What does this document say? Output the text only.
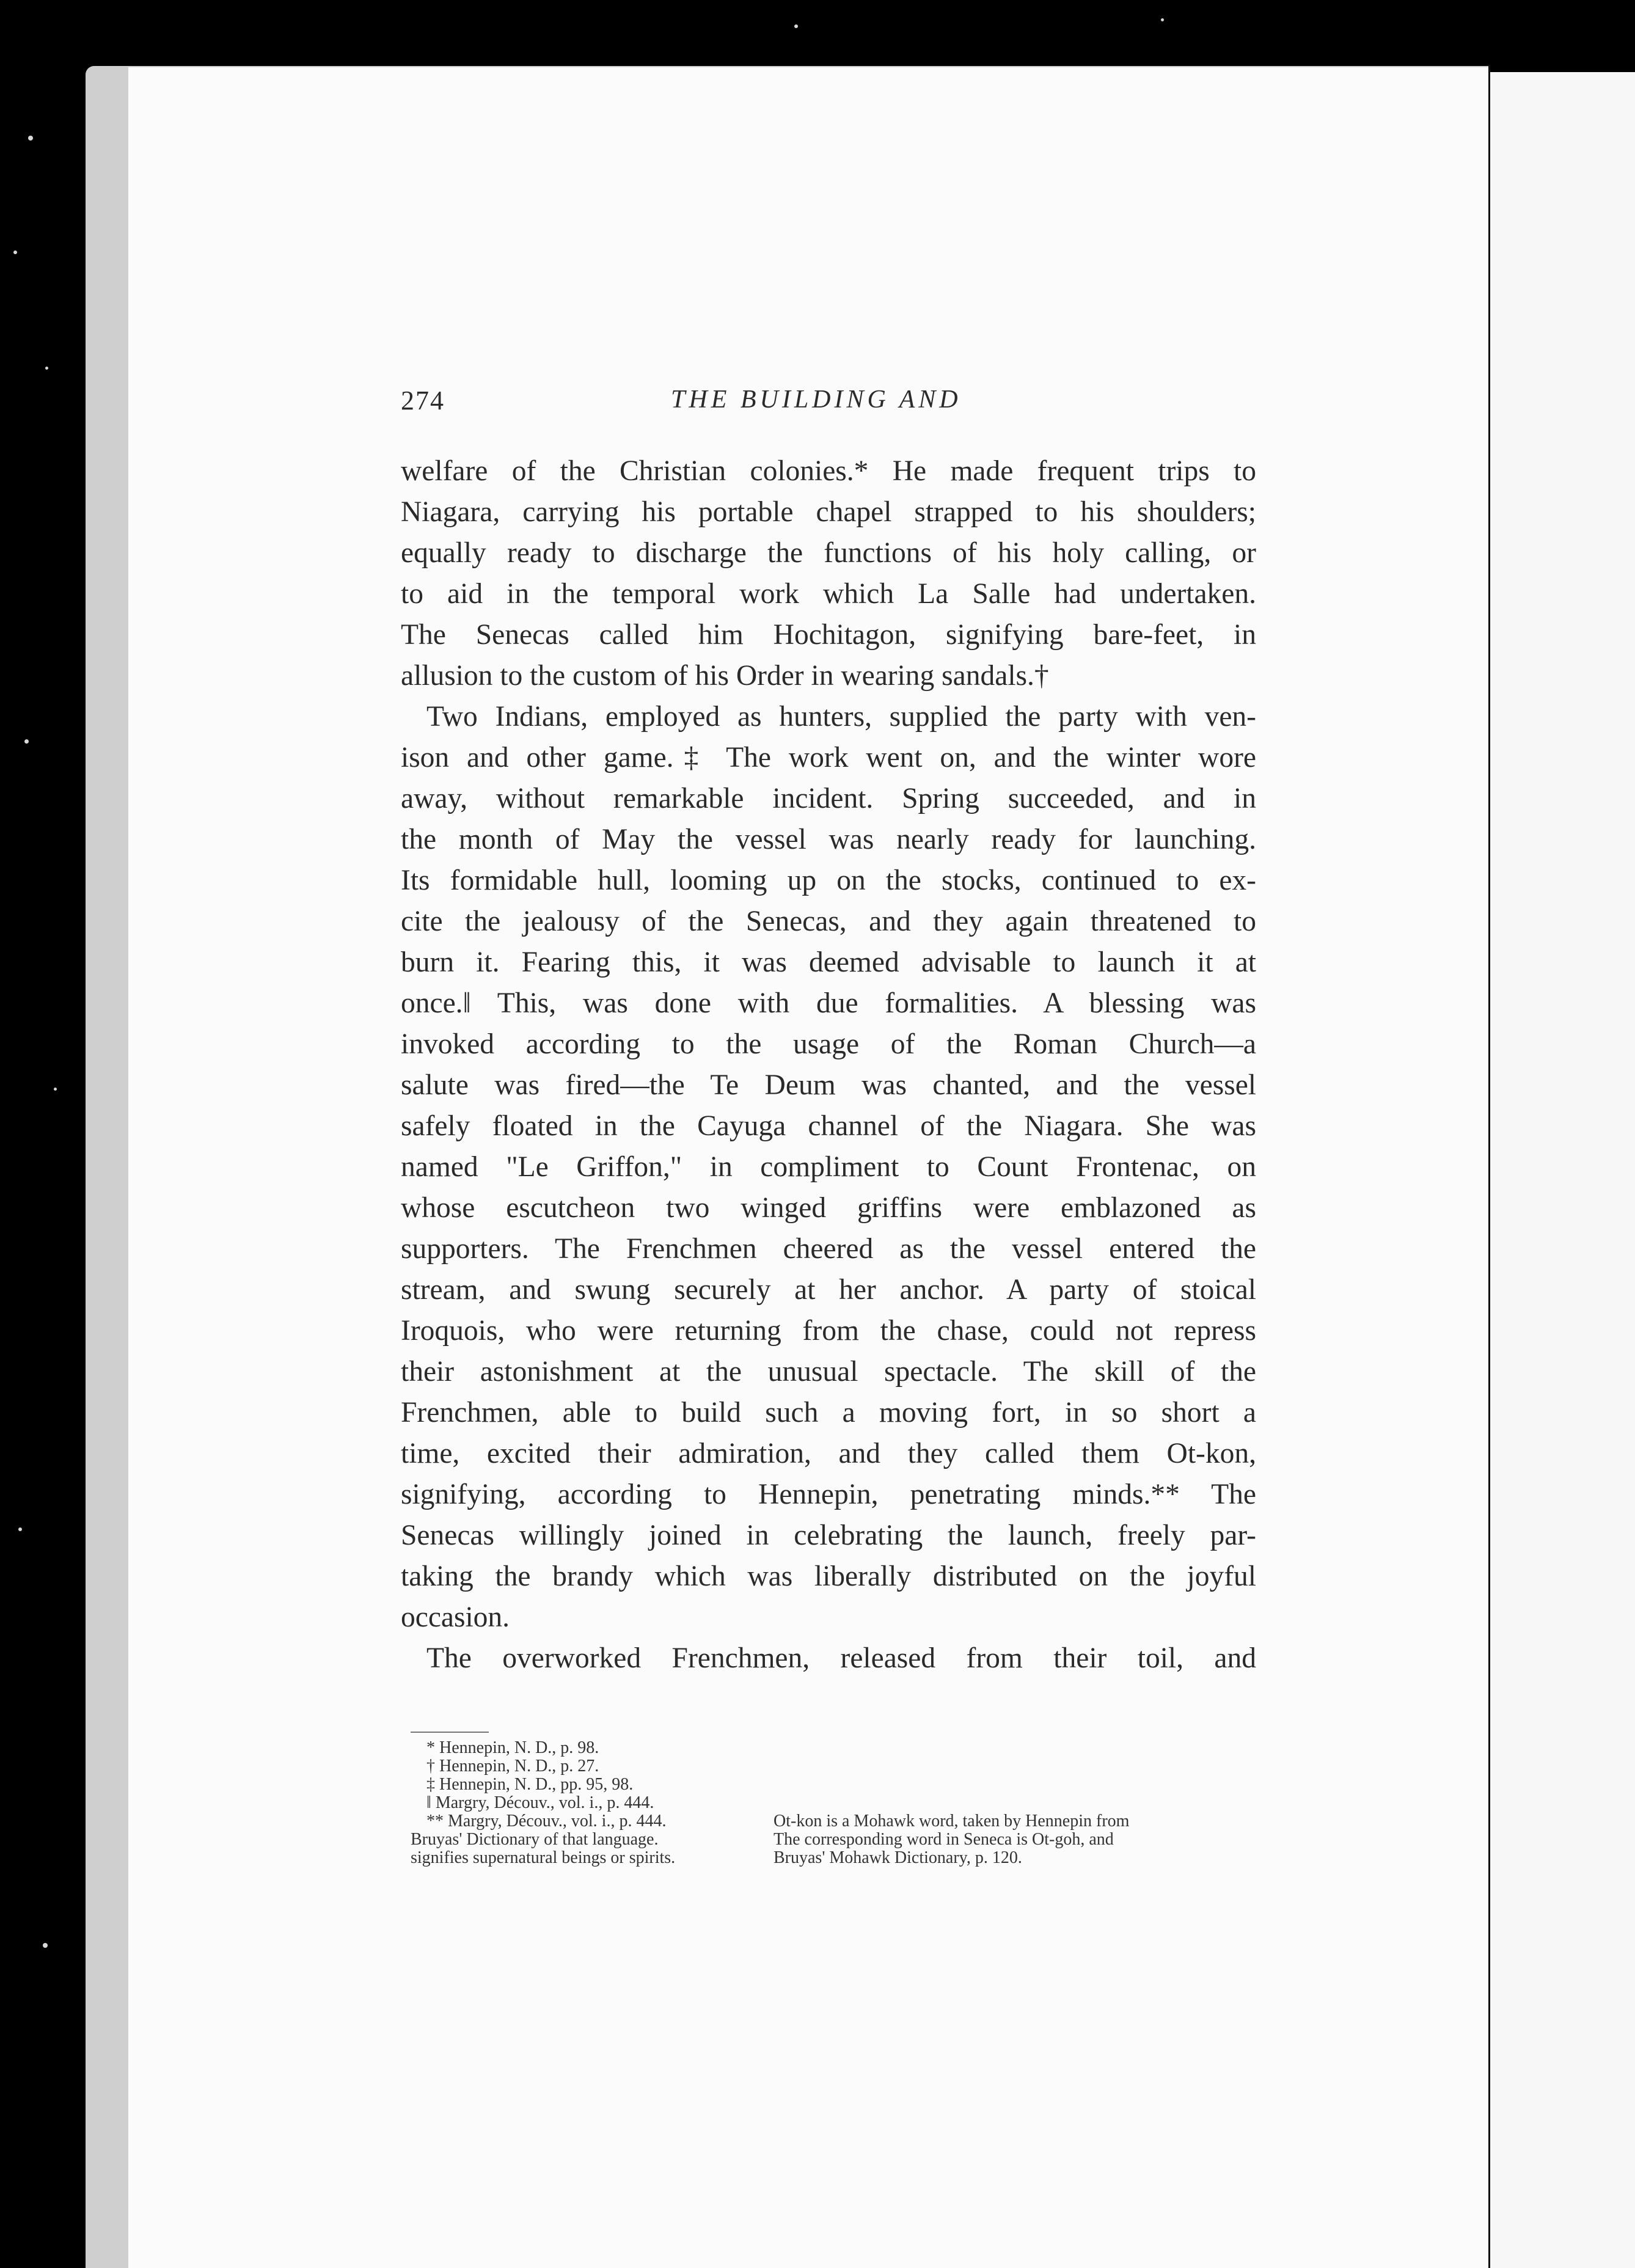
274	THE BUILDING AND

welfare of the Christian colonies.* He made frequent trips to

Niagara, carrying his portable chapel strapped to his shoulders;

equally ready to discharge the functions of his holy calling, or

to aid in the temporal work which La Salle had undertaken.

The Senecas called him Hochitagon, signifying bare-feet, in

allusion to the custom of his Order in wearing sandals.†

Two Indians, employed as hunters, supplied the party with ven-

ison and other game.‡ The work went on, and the winter wore

away, without remarkable incident. Spring succeeded, and in

the month of May the vessel was nearly ready for launching.

Its formidable hull, looming up on the stocks, continued to ex-

cite the jealousy of the Senecas, and they again threatened to

burn it. Fearing this, it was deemed advisable to launch it at

once.‖ This, was done with due formalities. A blessing was

invoked according to the usage of the Roman Church—a

salute was fired—the Te Deum was chanted, and the vessel

safely floated in the Cayuga channel of the Niagara. She was

named "Le Griffon," in compliment to Count Frontenac, on

whose escutcheon two winged griffins were emblazoned as

supporters. The Frenchmen cheered as the vessel entered the

stream, and swung securely at her anchor. A party of stoical

Iroquois, who were returning from the chase, could not repress

their astonishment at the unusual spectacle. The skill of the

Frenchmen, able to build such a moving fort, in so short a

time, excited their admiration, and they called them Ot-kon,

signifying, according to Hennepin, penetrating minds.** The

Senecas willingly joined in celebrating the launch, freely par-

taking the brandy which was liberally distributed on the joyful

occasion.

The overworked Frenchmen, released from their toil, and

* Hennepin, N. D., p. 98.
† Hennepin, N. D., p. 27.
‡ Hennepin, N. D., pp. 95, 98.
‖ Margry, Découv., vol. i., p. 444.
** Margry, Découv., vol. i., p. 444.	Ot-kon is a Mohawk word, taken by Hennepin from
Bruyas' Dictionary of that language.	The corresponding word in Seneca is Ot-goh, and
signifies supernatural beings or spirits.	Bruyas' Mohawk Dictionary, p. 120.
